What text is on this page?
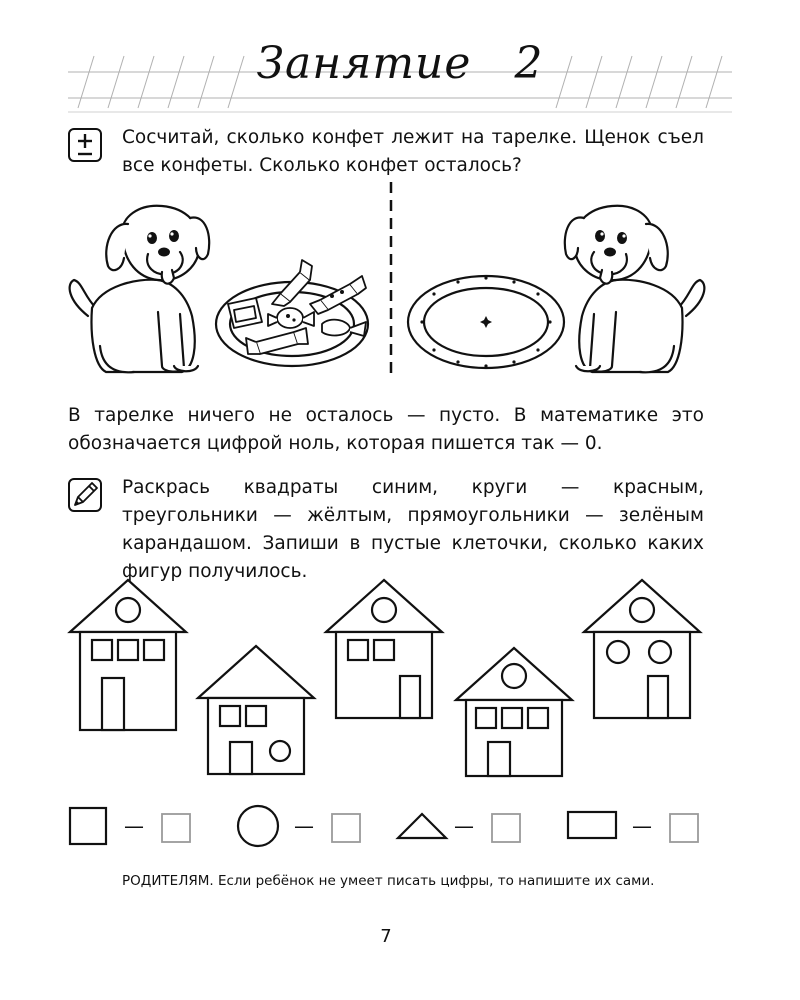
Занятие 2
Сосчитай, сколько конфет лежит на тарелке. Щенок съел все конфеты. Сколько конфет осталось?
В тарелке ничего не осталось — пусто. В математике это обозначается цифрой ноль, которая пишется так — 0.
Раскрась квадраты синим, круги — красным, треугольники — жёлтым, прямоугольники — зелёным карандашом. Запиши в пустые клеточки, сколько каких фигур получилось.
—	—	—	—
РОДИТЕЛЯМ. Если ребёнок не умеет писать цифры, то напишите их сами.
7
